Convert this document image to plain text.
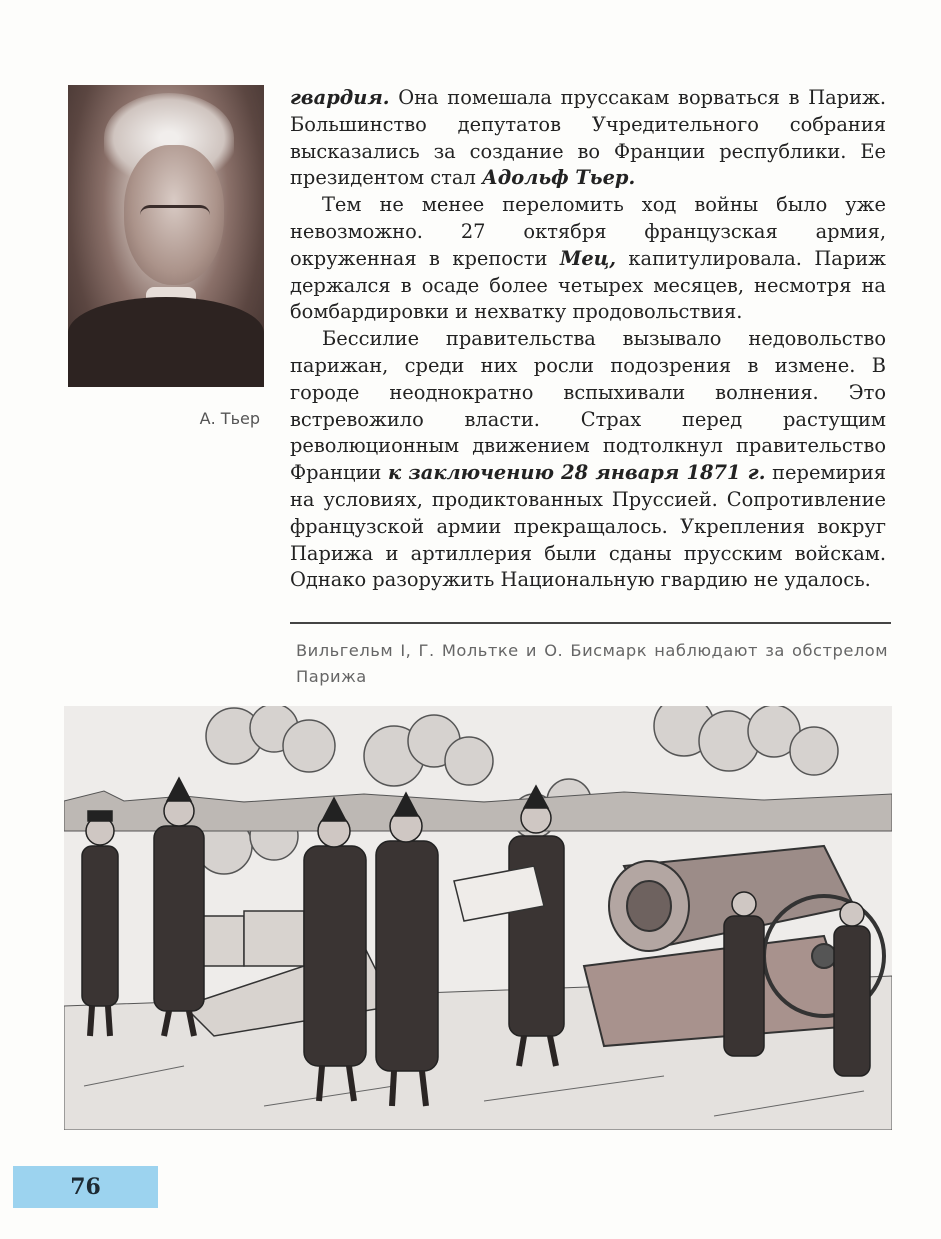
А. Тьер

гвардия. Она помешала пруссакам ворваться в Париж. Большинство депутатов Учредительного собрания высказались за создание во Франции республики. Ее президентом стал Адольф Тьер.

Тем не менее переломить ход войны было уже невозможно. 27 октября французская армия, окруженная в крепости Мец, капитулировала. Париж держался в осаде более четырех месяцев, несмотря на бомбардировки и нехватку продовольствия.

Бессилие правительства вызывало недовольство парижан, среди них росли подозрения в измене. В городе неоднократно вспыхивали волнения. Это встревожило власти. Страх перед растущим революционным движением подтолкнул правительство Франции к заключению 28 января 1871 г. перемирия на условиях, продиктованных Пруссией. Сопротивление французской армии прекращалось. Укрепления вокруг Парижа и артиллерия были сданы прусским войскам. Однако разоружить Национальную гвардию не удалось.

Вильгельм I, Г. Мольтке и О. Бисмарк наблюдают за обстрелом Парижа
76
